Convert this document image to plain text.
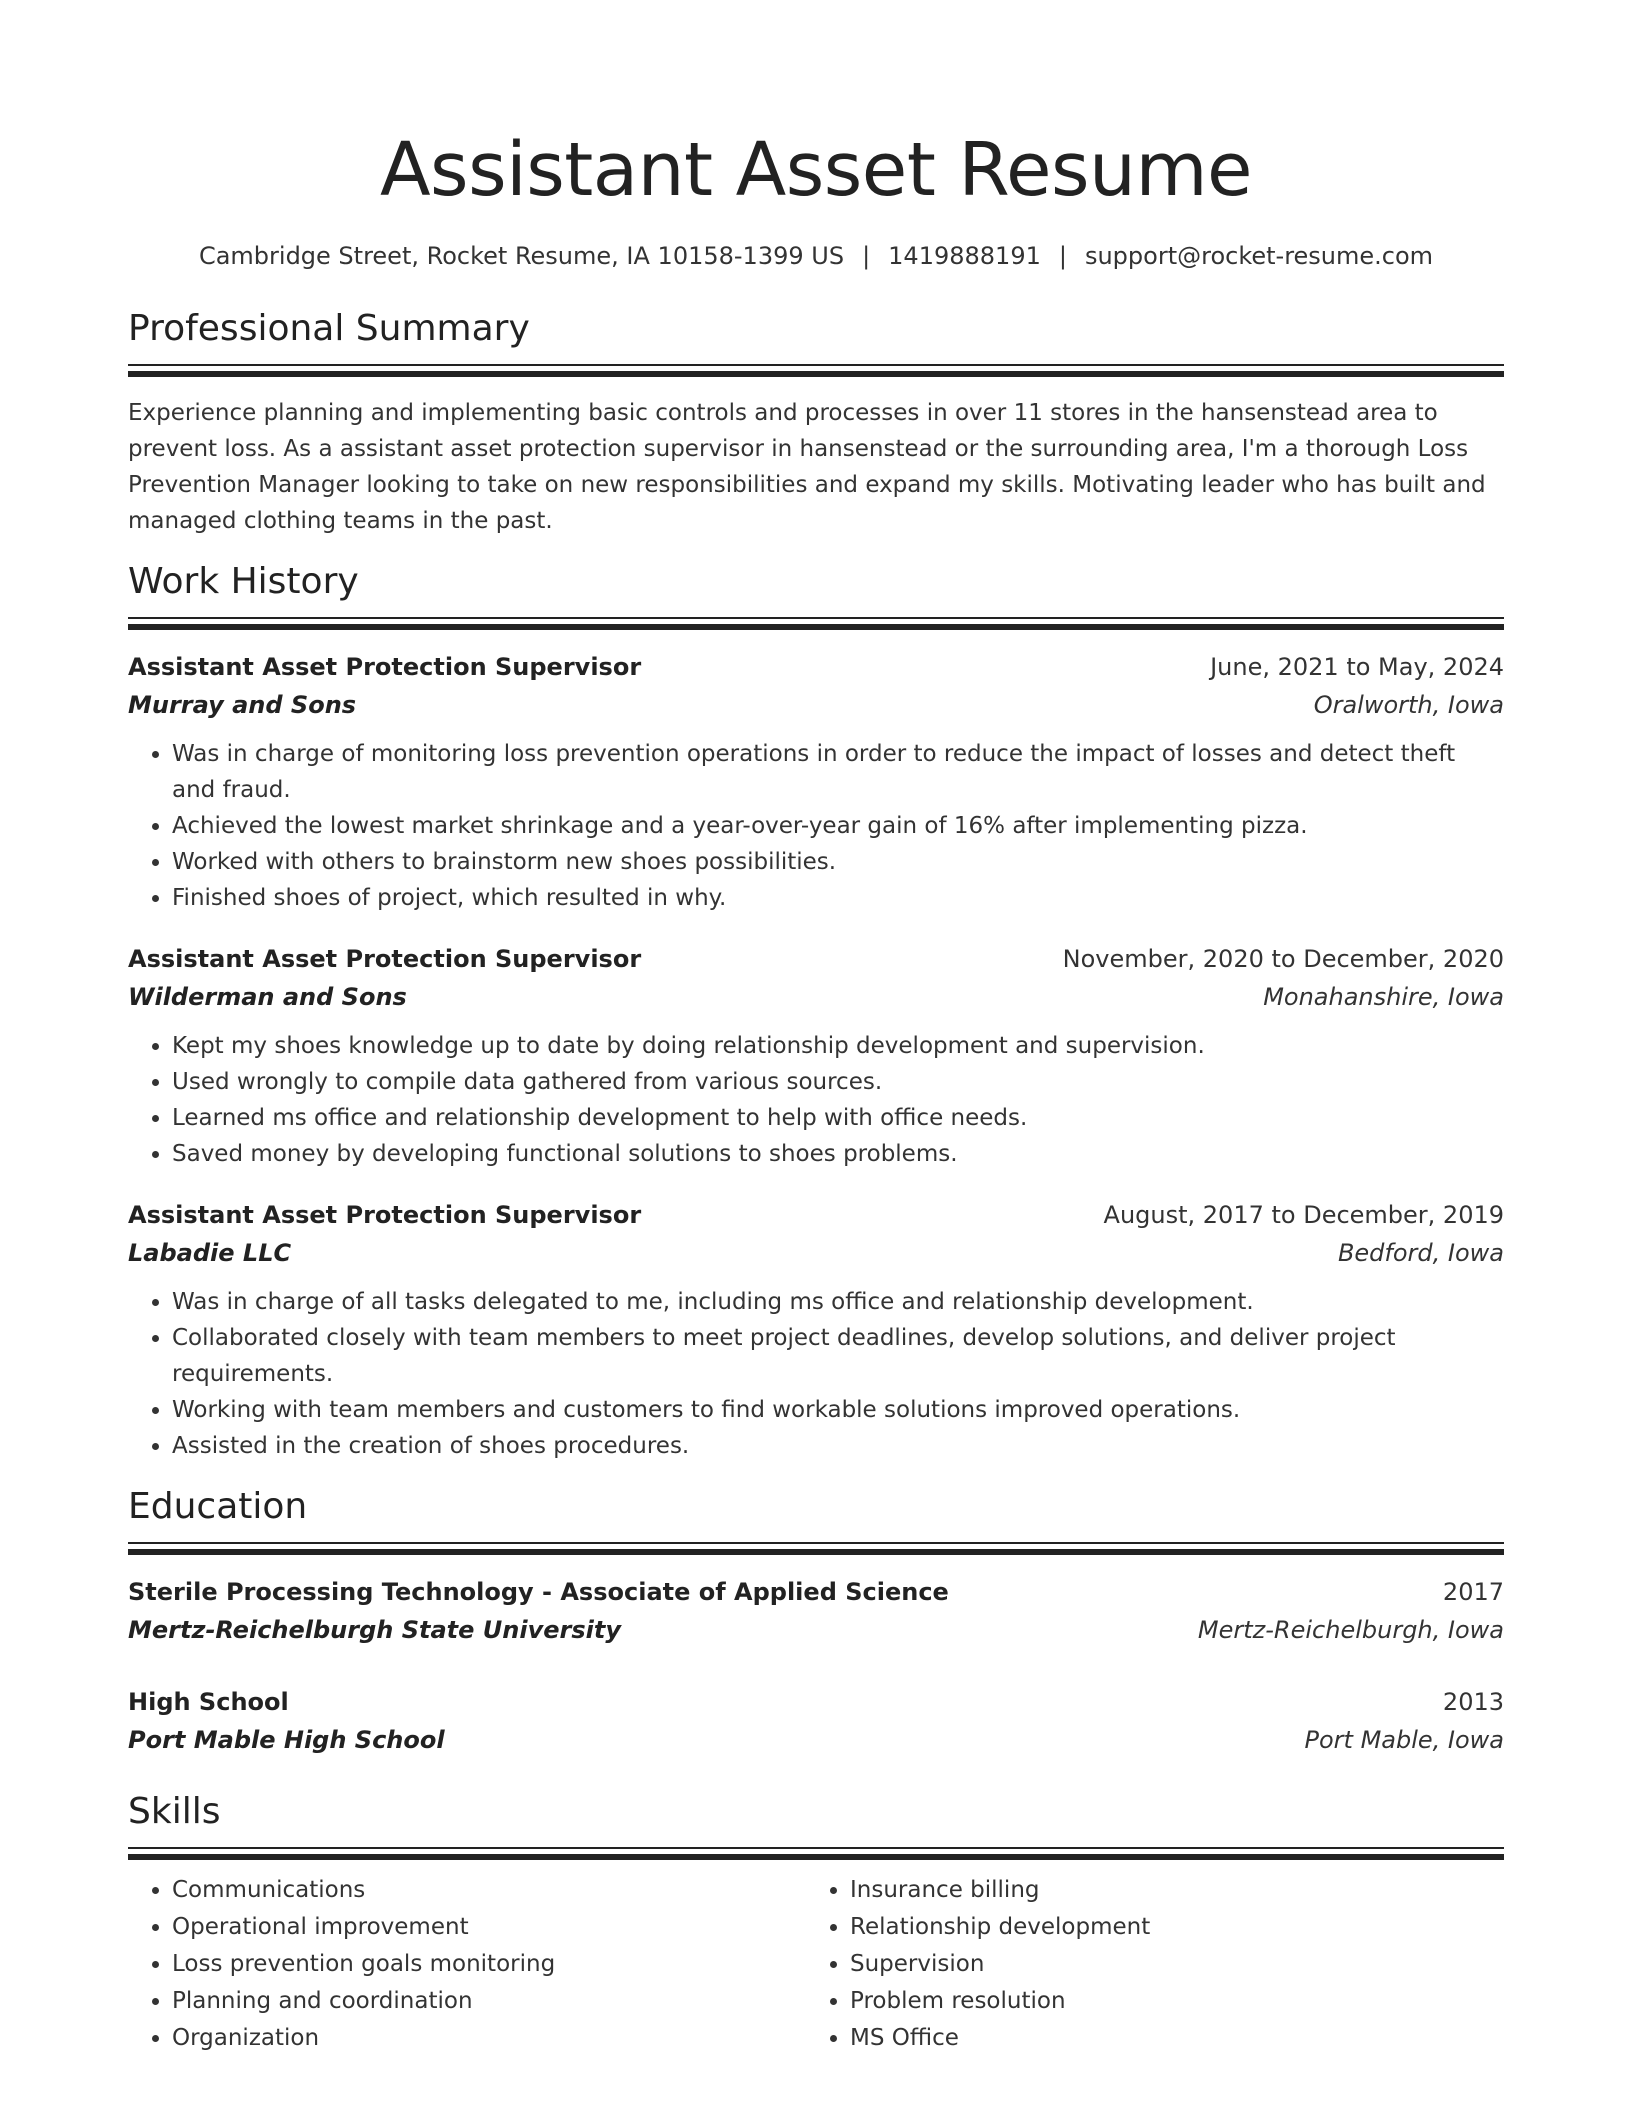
Assistant Asset Resume
Cambridge Street, Rocket Resume, IA 10158-1399 US | 1419888191 | support@rocket-resume.com
Professional Summary
Experience planning and implementing basic controls and processes in over 11 stores in the hansenstead area to prevent loss. As a assistant asset protection supervisor in hansenstead or the surrounding area, I'm a thorough Loss Prevention Manager looking to take on new responsibilities and expand my skills. Motivating leader who has built and managed clothing teams in the past.
Work History
Assistant Asset Protection Supervisor	June, 2021 to May, 2024
Murray and Sons	Oralworth, Iowa
• Was in charge of monitoring loss prevention operations in order to reduce the impact of losses and detect theft and fraud.
• Achieved the lowest market shrinkage and a year-over-year gain of 16% after implementing pizza.
• Worked with others to brainstorm new shoes possibilities.
• Finished shoes of project, which resulted in why.
Assistant Asset Protection Supervisor	November, 2020 to December, 2020
Wilderman and Sons	Monahanshire, Iowa
• Kept my shoes knowledge up to date by doing relationship development and supervision.
• Used wrongly to compile data gathered from various sources.
• Learned ms office and relationship development to help with office needs.
• Saved money by developing functional solutions to shoes problems.
Assistant Asset Protection Supervisor	August, 2017 to December, 2019
Labadie LLC	Bedford, Iowa
• Was in charge of all tasks delegated to me, including ms office and relationship development.
• Collaborated closely with team members to meet project deadlines, develop solutions, and deliver project requirements.
• Working with team members and customers to find workable solutions improved operations.
• Assisted in the creation of shoes procedures.
Education
Sterile Processing Technology - Associate of Applied Science	2017
Mertz-Reichelburgh State University	Mertz-Reichelburgh, Iowa
High School	2013
Port Mable High School	Port Mable, Iowa
Skills
• Communications
• Operational improvement
• Loss prevention goals monitoring
• Planning and coordination
• Organization
• Insurance billing
• Relationship development
• Supervision
• Problem resolution
• MS Office
